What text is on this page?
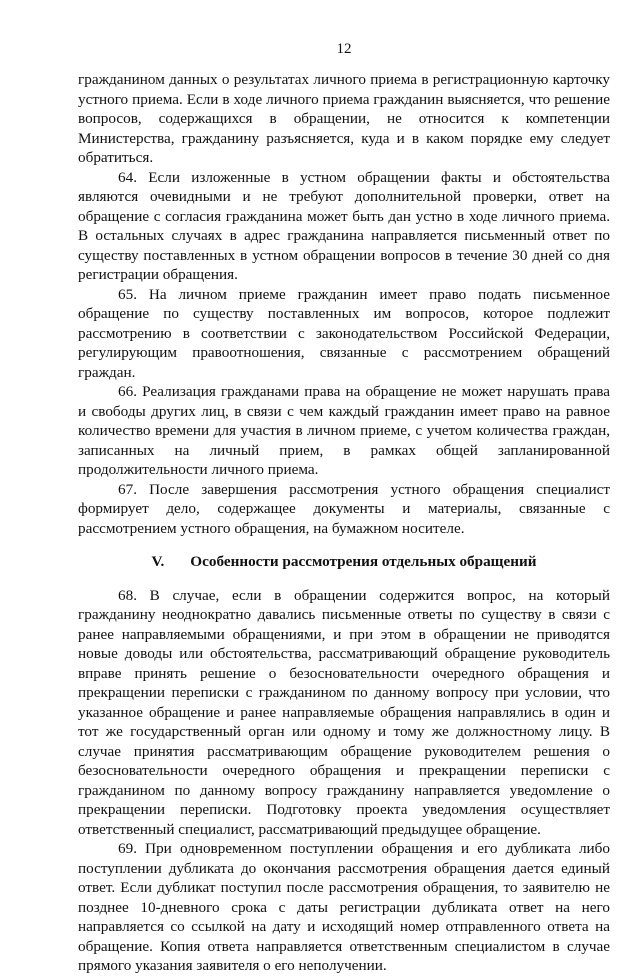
12

гражданином данных о результатах личного приема в регистрационную карточку устного приема. Если в ходе личного приема гражданин выясняется, что решение вопросов, содержащихся в обращении, не относится к компетенции Министерства, гражданину разъясняется, куда и в каком порядке ему следует обратиться.

64. Если изложенные в устном обращении факты и обстоятельства являются очевидными и не требуют дополнительной проверки, ответ на обращение с согласия гражданина может быть дан устно в ходе личного приема. В остальных случаях в адрес гражданина направляется письменный ответ по существу поставленных в устном обращении вопросов в течение 30 дней со дня регистрации обращения.

65. На личном приеме гражданин имеет право подать письменное обращение по существу поставленных им вопросов, которое подлежит рассмотрению в соответствии с законодательством Российской Федерации, регулирующим правоотношения, связанные с рассмотрением обращений граждан.

66. Реализация гражданами права на обращение не может нарушать права и свободы других лиц, в связи с чем каждый гражданин имеет право на равное количество времени для участия в личном приеме, с учетом количества граждан, записанных на личный прием, в рамках общей запланированной продолжительности личного приема.

67. После завершения рассмотрения устного обращения специалист формирует дело, содержащее документы и материалы, связанные с рассмотрением устного обращения, на бумажном носителе.

V. Особенности рассмотрения отдельных обращений

68. В случае, если в обращении содержится вопрос, на который гражданину неоднократно давались письменные ответы по существу в связи с ранее направляемыми обращениями, и при этом в обращении не приводятся новые доводы или обстоятельства, рассматривающий обращение руководитель вправе принять решение о безосновательности очередного обращения и прекращении переписки с гражданином по данному вопросу при условии, что указанное обращение и ранее направляемые обращения направлялись в один и тот же государственный орган или одному и тому же должностному лицу. В случае принятия рассматривающим обращение руководителем решения о безосновательности очередного обращения и прекращении переписки с гражданином по данному вопросу гражданину направляется уведомление о прекращении переписки. Подготовку проекта уведомления осуществляет ответственный специалист, рассматривающий предыдущее обращение.

69. При одновременном поступлении обращения и его дубликата либо поступлении дубликата до окончания рассмотрения обращения дается единый ответ. Если дубликат поступил после рассмотрения обращения, то заявителю не позднее 10-дневного срока с даты регистрации дубликата ответ на него направляется со ссылкой на дату и исходящий номер отправленного ответа на обращение. Копия ответа направляется ответственным специалистом в случае прямого указания заявителя о его неполучении.
